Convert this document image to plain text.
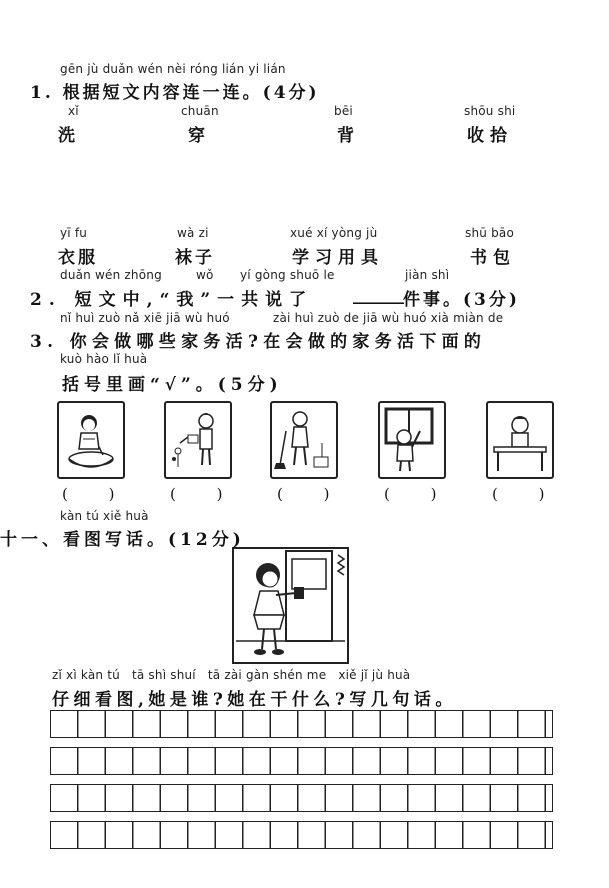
gēn jù duǎn wén nèi róng lián yi lián
1. 根据短文内容连一连。(4分)
xǐ
洗
chuān
穿
bēi
背
shōu shi
收拾
yī fu
衣服
wà zi
袜子
xué xí yòng jù
学习用具
shū bāo
书包
duǎn wén zhōng	wǒ yí gòng shuō le	jiàn shì
2. 短文中,“我”一共说了 ______ 件事。(3分)
nǐ huì zuò nǎ xiē jiā wù huó	zài huì zuò de jiā wù huó xià miàn de
3. 你会做哪些家务活?在会做的家务活下面的
kuò hào lǐ huà
括号里画“√”。(5分)
( )	( ) ( ) ( )	( )
kàn tú xiě huà
十一、看图写话。(12分)
zǐ xì kàn tú   tā shì shuí   tā zài gàn shén me   xiě jǐ jù huà
仔细看图,她是谁?她在干什么?写几句话。
